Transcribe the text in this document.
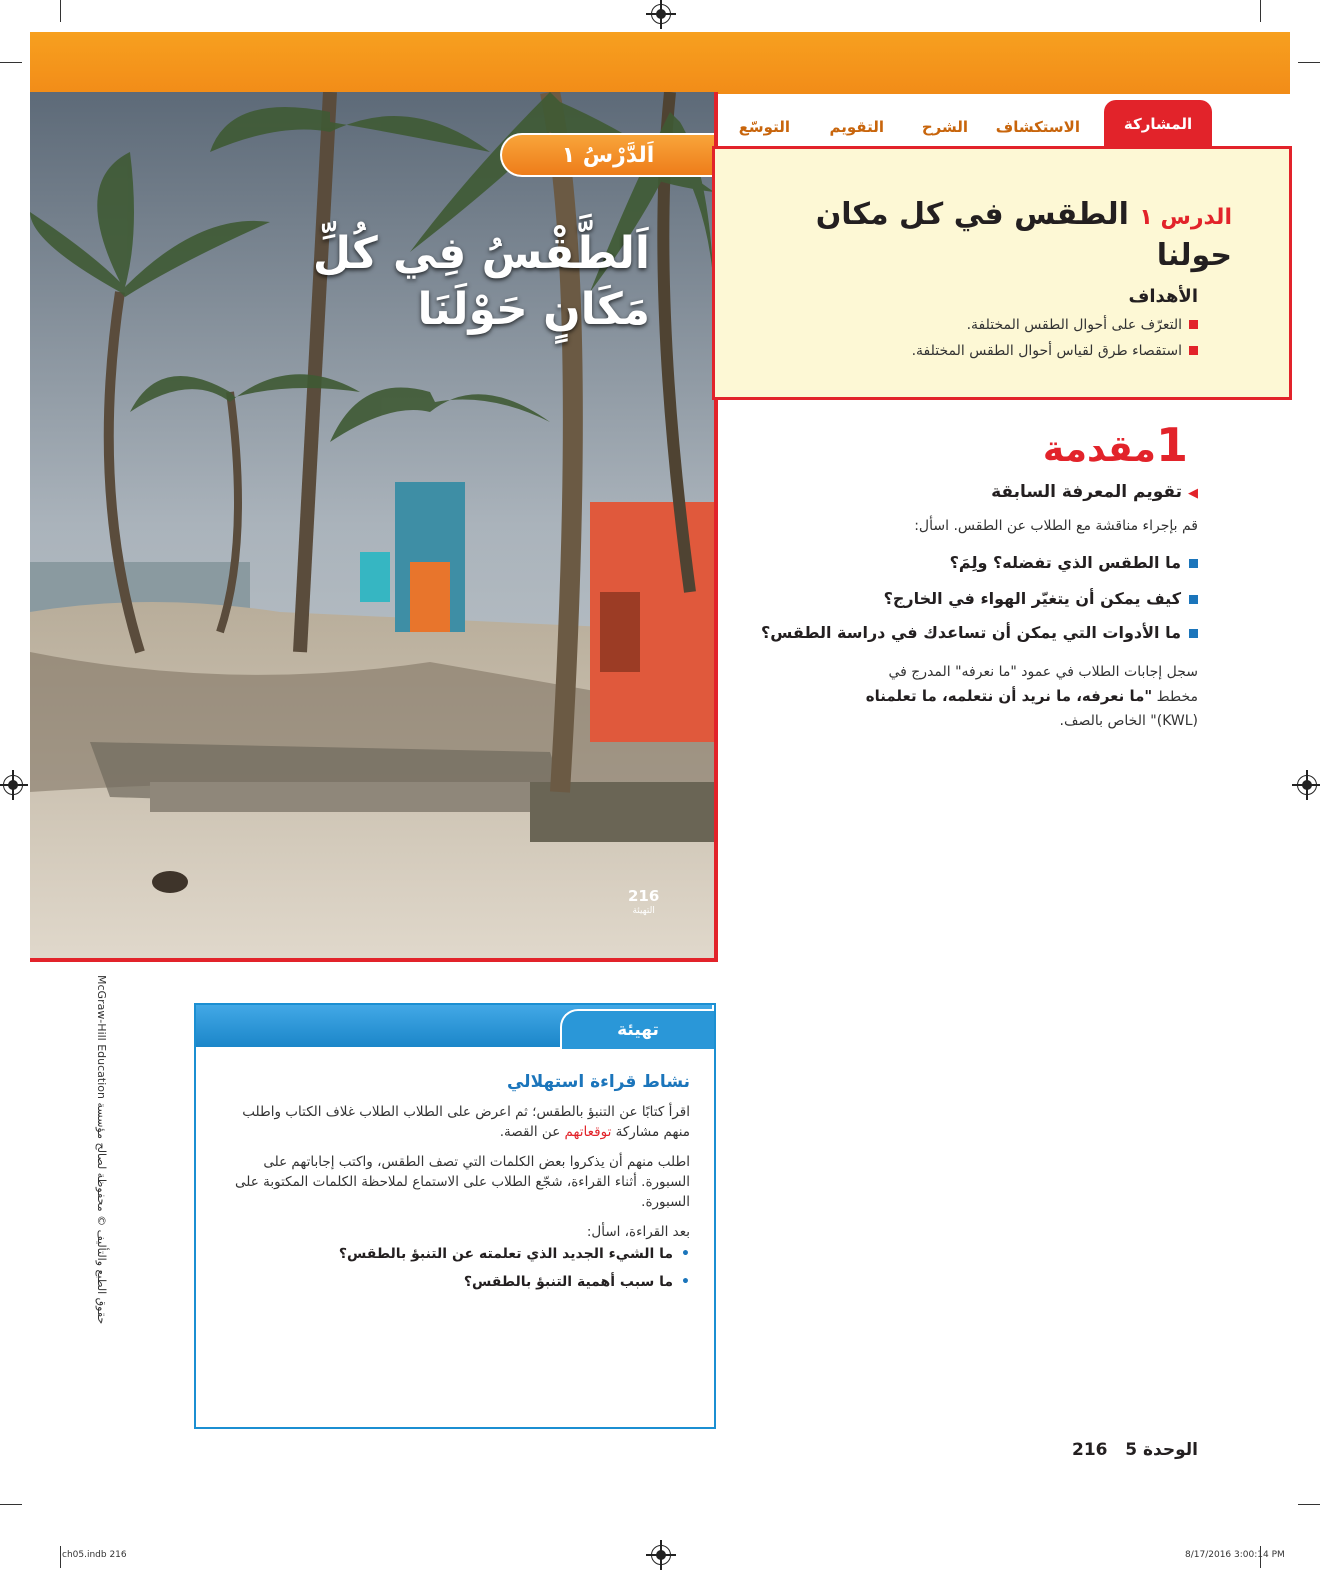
اَلدَّرْسُ ١
اَلطَّقْسُ فِي كُلِّ
مَكَانٍ حَوْلَنَا
216
التهيئة
المشاركة
الاستكشاف
الشرح
التقويم
التوسّع
الدرس ١ الطقس في كل مكان
حولنا
الأهداف
التعرّف على أحوال الطقس المختلفة.
استقصاء طرق لقياس أحوال الطقس المختلفة.
1مقدمة
◀تقويم المعرفة السابقة
قم بإجراء مناقشة مع الطلاب عن الطقس. اسأل:
ما الطقس الذي تفضله؟ ولِمَ؟
كيف يمكن أن يتغيّر الهواء في الخارج؟
ما الأدوات التي يمكن أن تساعدك في دراسة الطقس؟
سجل إجابات الطلاب في عمود "ما نعرفه" المدرج في
مخطط "ما نعرفه، ما نريد أن نتعلمه، ما تعلمناه
(KWL)" الخاص بالصف.
تهيئة
نشاط قراءة استهلالي
اقرأ كتابًا عن التنبؤ بالطقس؛ ثم اعرض على الطلاب الطلاب غلاف الكتاب واطلب منهم مشاركة توقعاتهم عن القصة.
اطلب منهم أن يذكروا بعض الكلمات التي تصف الطقس، واكتب إجاباتهم على السبورة. أثناء القراءة، شجّع الطلاب على الاستماع لملاحظة الكلمات المكتوبة على السبورة.
بعد القراءة، اسأل:
•ما الشيء الجديد الذي تعلمته عن التنبؤ بالطقس؟
•ما سبب أهمية التنبؤ بالطقس؟
McGraw-Hill Education حقوق الطبع والتأليف © محفوظة لصالح مؤسسة
الوحدة 5   216
ch05.indb 216	8/17/2016 3:00:14 PM
